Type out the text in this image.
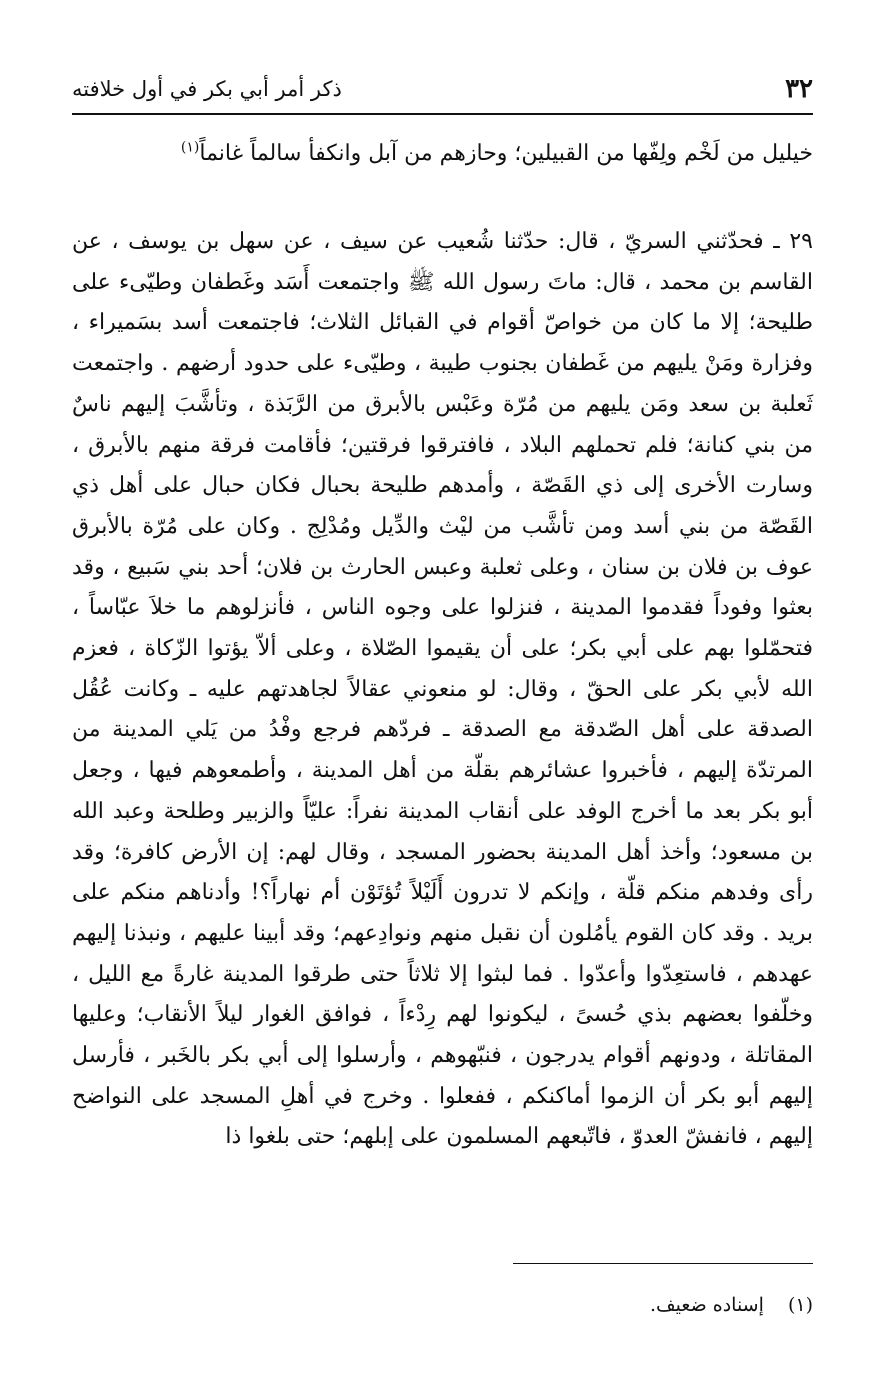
٣٢
ذكر أمر أبي بكر في أول خلافته
خيليل من لَخْم ولِفّها من القبيلين؛ وحازهم من آبل وانكفأ سالماً غانماً$^{(١)}$

٢٩ ـ فحدّثني السريّ ، قال: حدّثنا شُعيب عن سيف ، عن سهل بن يوسف ، عن القاسم بن محمد ، قال: ماتَ رسول الله ﷺ واجتمعت أَسَد وغَطفان وطيّىء على طليحة؛ إلا ما كان من خواصّ أقوام في القبائل الثلاث؛ فاجتمعت أسد بسَميراء ، وفزارة ومَنْ يليهم من غَطفان بجنوب طيبة ، وطيّىء على حدود أرضهم . واجتمعت ثَعلبة بن سعد ومَن يليهم من مُرّة وعَبْس بالأبرق من الرَّبَذة ، وتأشَّبَ إليهم ناسٌ من بني كنانة؛ فلم تحملهم البلاد ، فافترقوا فرقتين؛ فأقامت فرقة منهم بالأبرق ، وسارت الأخرى إلى ذي القَصّة ، وأمدهم طليحة بحبال فكان حبال على أهل ذي القَصّة من بني أسد ومن تأشَّب من ليْث والدِّيل ومُدْلِج . وكان على مُرّة بالأبرق عوف بن فلان بن سنان ، وعلى ثعلبة وعبس الحارث بن فلان؛ أحد بني سَبيع ، وقد بعثوا وفوداً فقدموا المدينة ، فنزلوا على وجوه الناس ، فأنزلوهم ما خلاَ عبّاساً ، فتحمّلوا بهم على أبي بكر؛ على أن يقيموا الصّلاة ، وعلى ألاّ يؤتوا الزّكاة ، فعزم الله لأبي بكر على الحقّ ، وقال: لو منعوني عقالاً لجاهدتهم عليه ـ وكانت عُقُل الصدقة على أهل الصّدقة مع الصدقة ـ فردّهم فرجع وفْدُ من يَلي المدينة من المرتدّة إليهم ، فأخبروا عشائرهم بقلّة من أهل المدينة ، وأطمعوهم فيها ، وجعل أبو بكر بعد ما أخرج الوفد على أنقاب المدينة نفراً: عليّاً والزبير وطلحة وعبد الله بن مسعود؛ وأخذ أهل المدينة بحضور المسجد ، وقال لهم: إن الأرض كافرة؛ وقد رأى وفدهم منكم قلّة ، وإنكم لا تدرون أَلَيْلاً تُؤتَوْن أم نهاراً؟! وأدناهم منكم على بريد . وقد كان القوم يأمُلون أن نقبل منهم ونوادِعهم؛ وقد أبينا عليهم ، ونبذنا إليهم عهدهم ، فاستعِدّوا وأعدّوا . فما لبثوا إلا ثلاثاً حتى طرقوا المدينة غارةً مع الليل ، وخلّفوا بعضهم بذي حُسىً ، ليكونوا لهم رِدْءاً ، فوافق الغوار ليلاً الأنقاب؛ وعليها المقاتلة ، ودونهم أقوام يدرجون ، فنبّهوهم ، وأرسلوا إلى أبي بكر بالخَبر ، فأرسل إليهم أبو بكر أن الزموا أماكنكم ، ففعلوا . وخرج في أهلِ المسجد على النواضح إليهم ، فانفشّ العدوّ ، فاتّبعهم المسلمون على إبلهم؛ حتى بلغوا ذا

(١) إسناده ضعيف.
